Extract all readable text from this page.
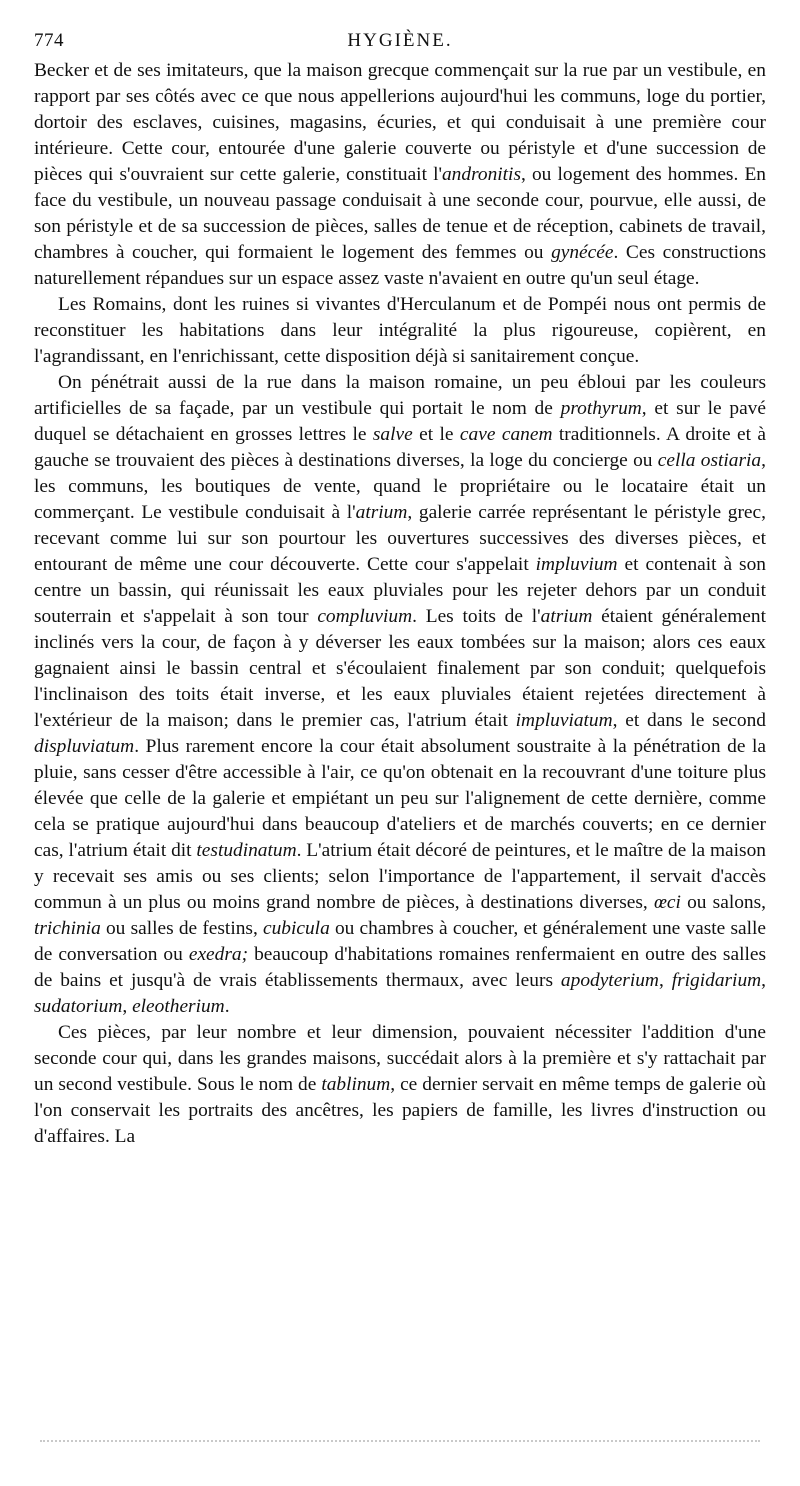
774	HYGIÈNE.

Becker et de ses imitateurs, que la maison grecque commençait sur la rue par un vestibule, en rapport par ses côtés avec ce que nous appellerions aujourd'hui les communs, loge du portier, dortoir des esclaves, cuisines, magasins, écuries, et qui conduisait à une première cour intérieure. Cette cour, entourée d'une galerie couverte ou péristyle et d'une succession de pièces qui s'ouvraient sur cette galerie, constituait l'andronitis, ou logement des hommes. En face du vestibule, un nouveau passage conduisait à une seconde cour, pourvue, elle aussi, de son péristyle et de sa succession de pièces, salles de tenue et de réception, cabinets de travail, chambres à coucher, qui formaient le logement des femmes ou gynécée. Ces constructions naturellement répandues sur un espace assez vaste n'avaient en outre qu'un seul étage.

Les Romains, dont les ruines si vivantes d'Herculanum et de Pompéi nous ont permis de reconstituer les habitations dans leur intégralité la plus rigoureuse, copièrent, en l'agrandissant, en l'enrichissant, cette disposition déjà si sanitairement conçue.

On pénétrait aussi de la rue dans la maison romaine, un peu ébloui par les couleurs artificielles de sa façade, par un vestibule qui portait le nom de prothyrum, et sur le pavé duquel se détachaient en grosses lettres le salve et le cave canem traditionnels. A droite et à gauche se trouvaient des pièces à destinations diverses, la loge du concierge ou cella ostiaria, les communs, les boutiques de vente, quand le propriétaire ou le locataire était un commerçant. Le vestibule conduisait à l'atrium, galerie carrée représentant le péristyle grec, recevant comme lui sur son pourtour les ouvertures successives des diverses pièces, et entourant de même une cour découverte. Cette cour s'appelait impluvium et contenait à son centre un bassin, qui réunissait les eaux pluviales pour les rejeter dehors par un conduit souterrain et s'appelait à son tour compluvium. Les toits de l'atrium étaient généralement inclinés vers la cour, de façon à y déverser les eaux tombées sur la maison; alors ces eaux gagnaient ainsi le bassin central et s'écoulaient finalement par son conduit; quelquefois l'inclinaison des toits était inverse, et les eaux pluviales étaient rejetées directement à l'extérieur de la maison; dans le premier cas, l'atrium était impluviatum, et dans le second displuviatum. Plus rarement encore la cour était absolument soustraite à la pénétration de la pluie, sans cesser d'être accessible à l'air, ce qu'on obtenait en la recouvrant d'une toiture plus élevée que celle de la galerie et empiétant un peu sur l'alignement de cette dernière, comme cela se pratique aujourd'hui dans beaucoup d'ateliers et de marchés couverts; en ce dernier cas, l'atrium était dit testudinatum. L'atrium était décoré de peintures, et le maître de la maison y recevait ses amis ou ses clients; selon l'importance de l'appartement, il servait d'accès commun à un plus ou moins grand nombre de pièces, à destinations diverses, œci ou salons, trichinia ou salles de festins, cubicula ou chambres à coucher, et généralement une vaste salle de conversation ou exedra; beaucoup d'habitations romaines renfermaient en outre des salles de bains et jusqu'à de vrais établissements thermaux, avec leurs apodyterium, frigidarium, sudatorium, eleotherium.

Ces pièces, par leur nombre et leur dimension, pouvaient nécessiter l'addition d'une seconde cour qui, dans les grandes maisons, succédait alors à la première et s'y rattachait par un second vestibule. Sous le nom de tablinum, ce dernier servait en même temps de galerie où l'on conservait les portraits des ancêtres, les papiers de famille, les livres d'instruction ou d'affaires. La
